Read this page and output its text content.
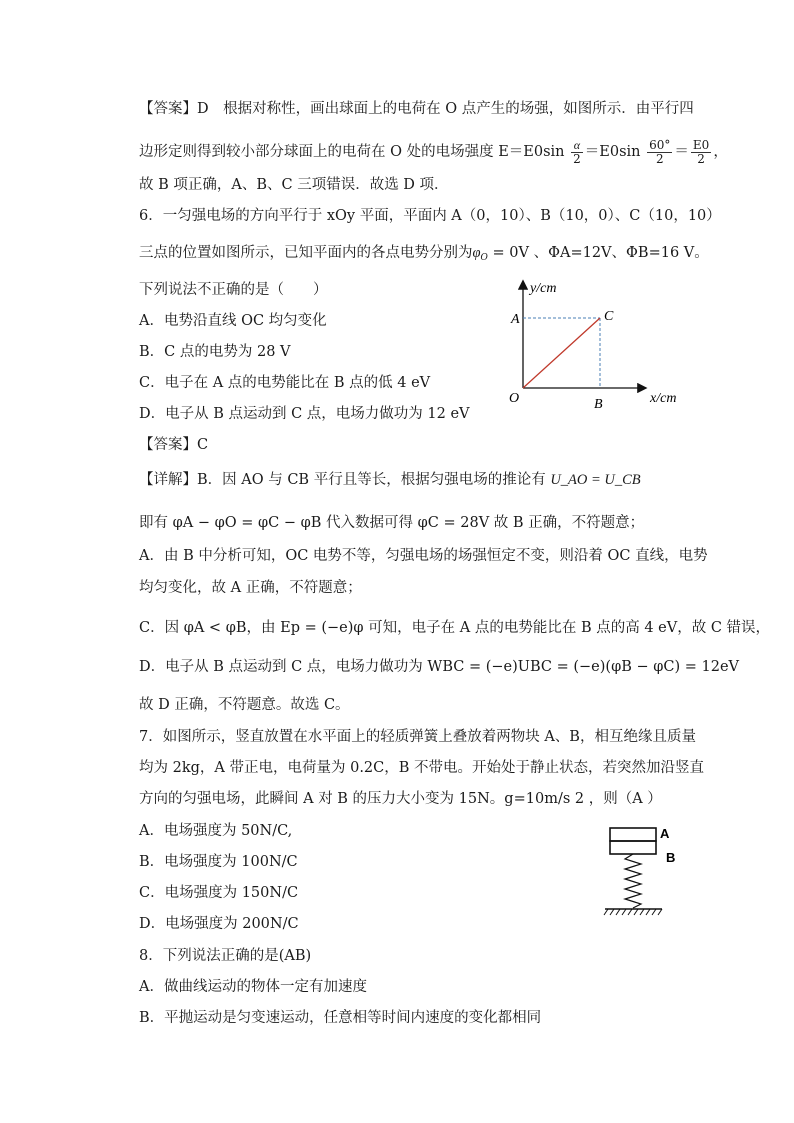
【答案】D　根据对称性，画出球面上的电荷在 O 点产生的场强，如图所示．由平行四
边形定则得到较小部分球面上的电荷在 O 处的电场强度 $E=E0\sin \frac{\alpha}{2} =E0\sin \frac{60^\circ}{2} = \frac{E0}{2}$ ，
故 B 项正确，A、B、C 三项错误．故选 D 项．
6．一匀强电场的方向平行于 xOy 平面，平面内 A（0，10）、B（10，0）、C（10，10）
三点的位置如图所示，已知平面内的各点电势分别为$\varphi_O = 0V$ 、ΦA=12V、ΦB=16 V。
下列说法不正确的是（　　）
A．电势沿直线 OC 均匀变化
B．C 点的电势为 28 V
C．电子在 A 点的电势能比在 B 点的低 4 eV
D．电子从 B 点运动到 C 点，电场力做功为 12 eV
【答案】C
y/cm
x/cm
O
A
B
C
【详解】B．因 AO 与 CB 平行且等长，根据匀强电场的推论有 U_AO = U_CB
即有 φA − φO = φC − φB 代入数据可得 φC = 28V 故 B 正确，不符题意；
A．由 B 中分析可知，OC 电势不等，匀强电场的场强恒定不变，则沿着 OC 直线，电势
均匀变化，故 A 正确，不符题意；
C．因 φA < φB，由 Ep = (−e)φ 可知，电子在 A 点的电势能比在 B 点的高 4 eV，故 C 错误，
D．电子从 B 点运动到 C 点，电场力做功为 WBC = (−e)UBC = (−e)(φB − φC) = 12eV
故 D 正确，不符题意。故选 C。
7．如图所示，竖直放置在水平面上的轻质弹簧上叠放着两物块 A、B，相互绝缘且质量
均为 2kg，A 带正电，电荷量为 0.2C，B 不带电。开始处于静止状态，若突然加沿竖直
方向的匀强电场，此瞬间 A 对 B 的压力大小变为 15N。g=10m/s 2 ，则（A ）
A．电场强度为 50N/C,
B．电场强度为 100N/C
C．电场强度为 150N/C
D．电场强度为 200N/C
A
B
8．下列说法正确的是(AB)
A．做曲线运动的物体一定有加速度
B．平抛运动是匀变速运动，任意相等时间内速度的变化都相同
